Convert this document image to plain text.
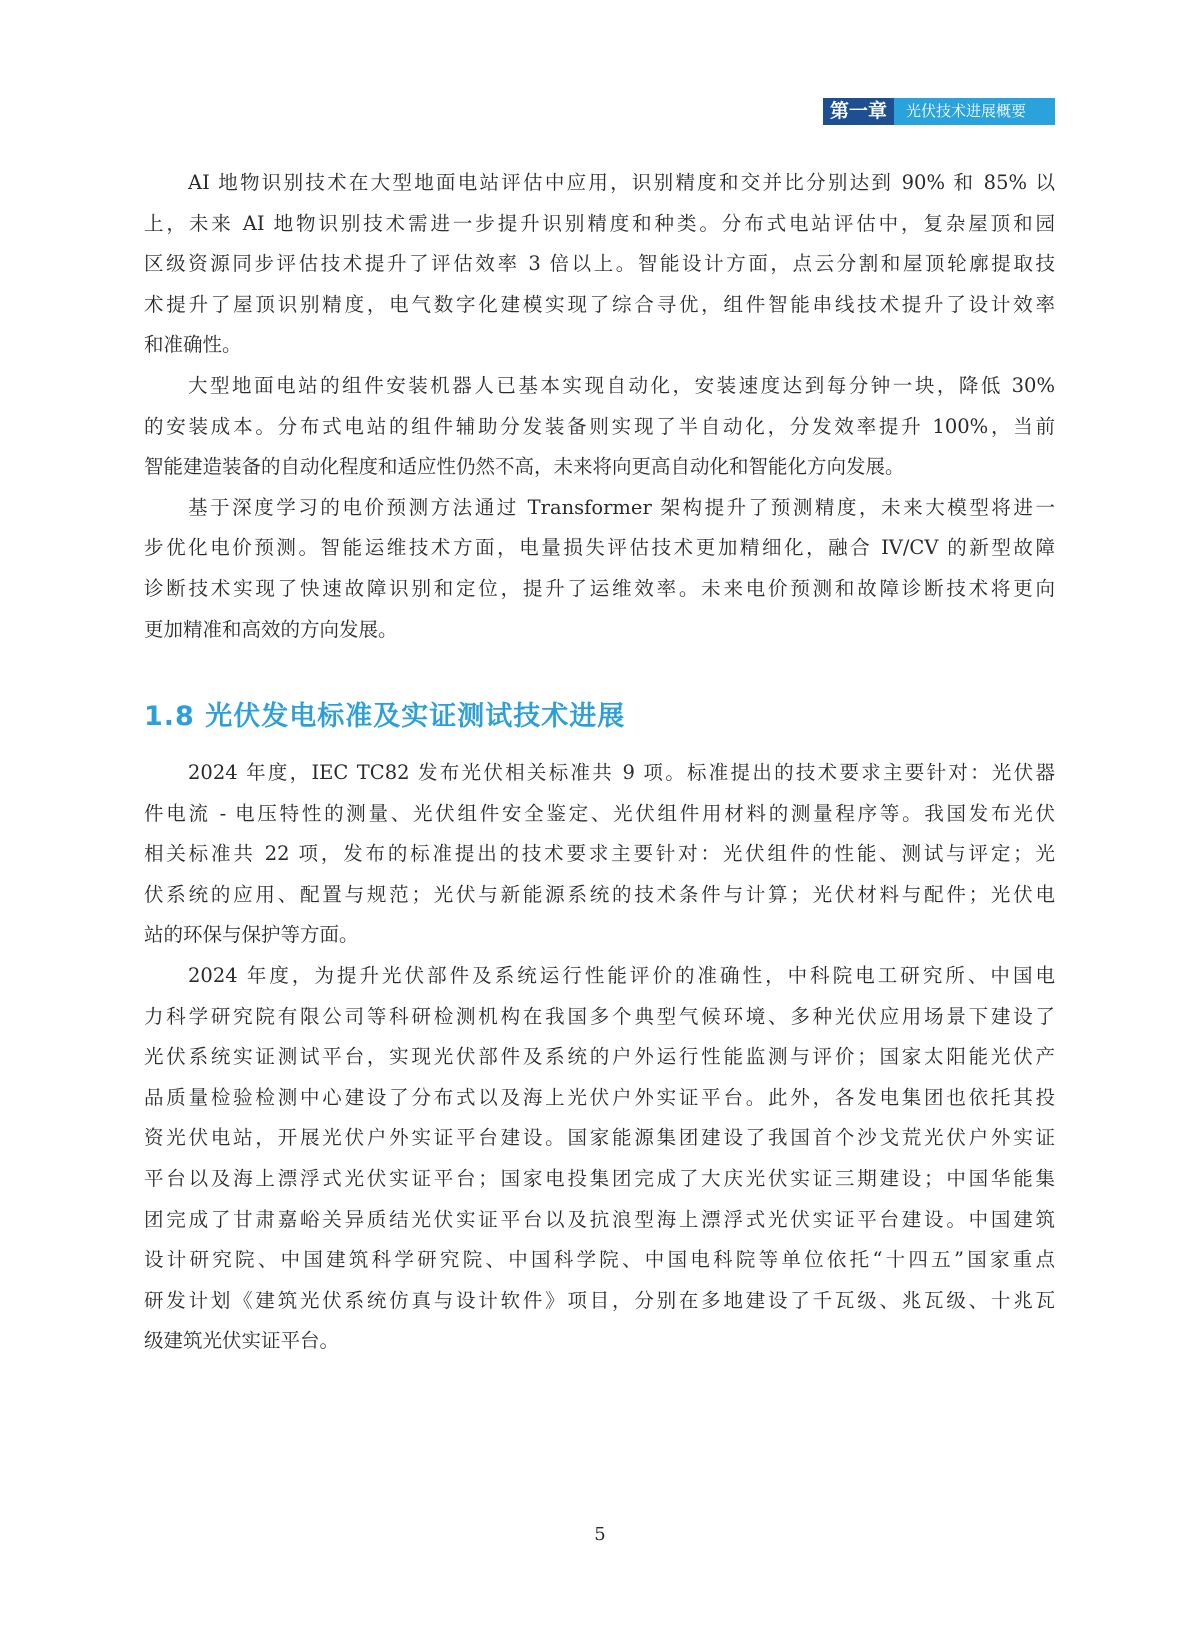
第一章	光伏技术进展概要
AI 地物识别技术在大型地面电站评估中应用，识别精度和交并比分别达到 90% 和 85% 以
上，未来 AI 地物识别技术需进一步提升识别精度和种类。分布式电站评估中，复杂屋顶和园
区级资源同步评估技术提升了评估效率 3 倍以上。智能设计方面，点云分割和屋顶轮廓提取技
术提升了屋顶识别精度，电气数字化建模实现了综合寻优，组件智能串线技术提升了设计效率
和准确性。
大型地面电站的组件安装机器人已基本实现自动化，安装速度达到每分钟一块，降低 30%
的安装成本。分布式电站的组件辅助分发装备则实现了半自动化，分发效率提升 100%，当前
智能建造装备的自动化程度和适应性仍然不高，未来将向更高自动化和智能化方向发展。
基于深度学习的电价预测方法通过 Transformer 架构提升了预测精度，未来大模型将进一
步优化电价预测。智能运维技术方面，电量损失评估技术更加精细化，融合 IV/CV 的新型故障
诊断技术实现了快速故障识别和定位，提升了运维效率。未来电价预测和故障诊断技术将更向
更加精准和高效的方向发展。
1.8 光伏发电标准及实证测试技术进展
2024 年度，IEC TC82 发布光伏相关标准共 9 项。标准提出的技术要求主要针对：光伏器
件电流 - 电压特性的测量、光伏组件安全鉴定、光伏组件用材料的测量程序等。我国发布光伏
相关标准共 22 项，发布的标准提出的技术要求主要针对：光伏组件的性能、测试与评定；光
伏系统的应用、配置与规范；光伏与新能源系统的技术条件与计算；光伏材料与配件；光伏电
站的环保与保护等方面。
2024 年度，为提升光伏部件及系统运行性能评价的准确性，中科院电工研究所、中国电
力科学研究院有限公司等科研检测机构在我国多个典型气候环境、多种光伏应用场景下建设了
光伏系统实证测试平台，实现光伏部件及系统的户外运行性能监测与评价；国家太阳能光伏产
品质量检验检测中心建设了分布式以及海上光伏户外实证平台。此外，各发电集团也依托其投
资光伏电站，开展光伏户外实证平台建设。国家能源集团建设了我国首个沙戈荒光伏户外实证
平台以及海上漂浮式光伏实证平台；国家电投集团完成了大庆光伏实证三期建设；中国华能集
团完成了甘肃嘉峪关异质结光伏实证平台以及抗浪型海上漂浮式光伏实证平台建设。中国建筑
设计研究院、中国建筑科学研究院、中国科学院、中国电科院等单位依托“十四五”国家重点
研发计划《建筑光伏系统仿真与设计软件》项目，分别在多地建设了千瓦级、兆瓦级、十兆瓦
级建筑光伏实证平台。
5
